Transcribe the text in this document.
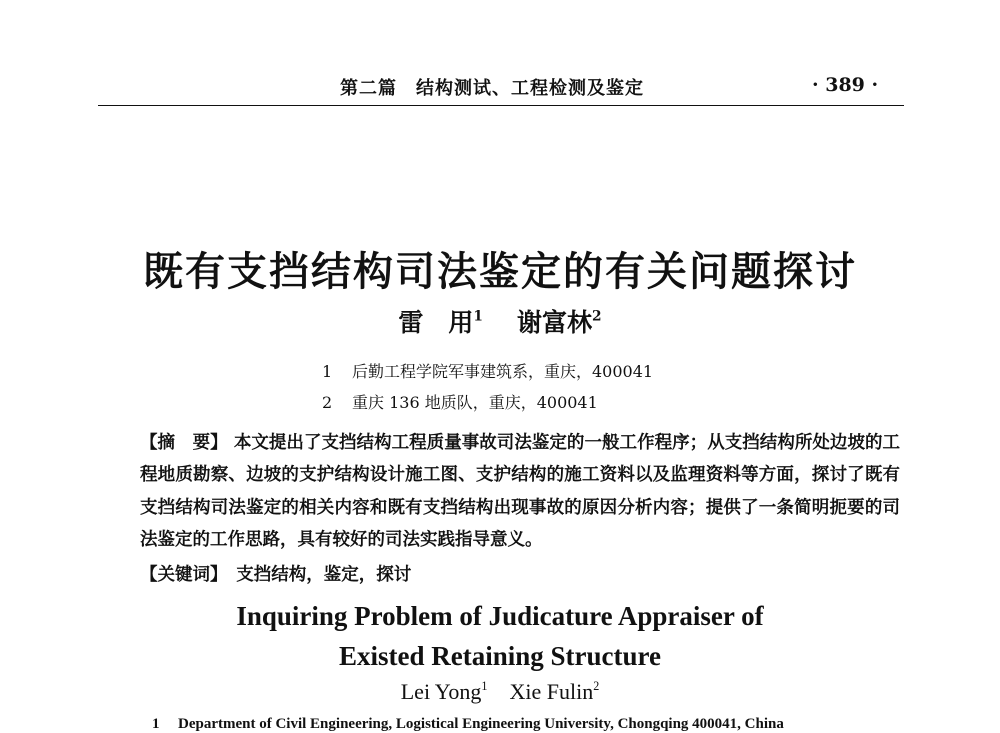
第二篇　结构测试、工程检测及鉴定	· 389 ·
既有支挡结构司法鉴定的有关问题探讨
雷　用$^1$ 谢富林$^2$
1 后勤工程学院军事建筑系，重庆，400041
2 重庆 136 地质队，重庆，400041
【摘　要】 本文提出了支挡结构工程质量事故司法鉴定的一般工作程序；从支挡结构所处边坡的工程地质勘察、边坡的支护结构设计施工图、支护结构的施工资料以及监理资料等方面，探讨了既有支挡结构司法鉴定的相关内容和既有支挡结构出现事故的原因分析内容；提供了一条简明扼要的司法鉴定的工作思路，具有较好的司法实践指导意义。
【关键词】　 支挡结构，鉴定，探讨
Inquiring Problem of Judicature Appraiser of
Existed Retaining Structure
Lei Yong$^1$ Xie Fulin$^2$
1 Department of Civil Engineering, Logistical Engineering University, Chongqing 400041, China
